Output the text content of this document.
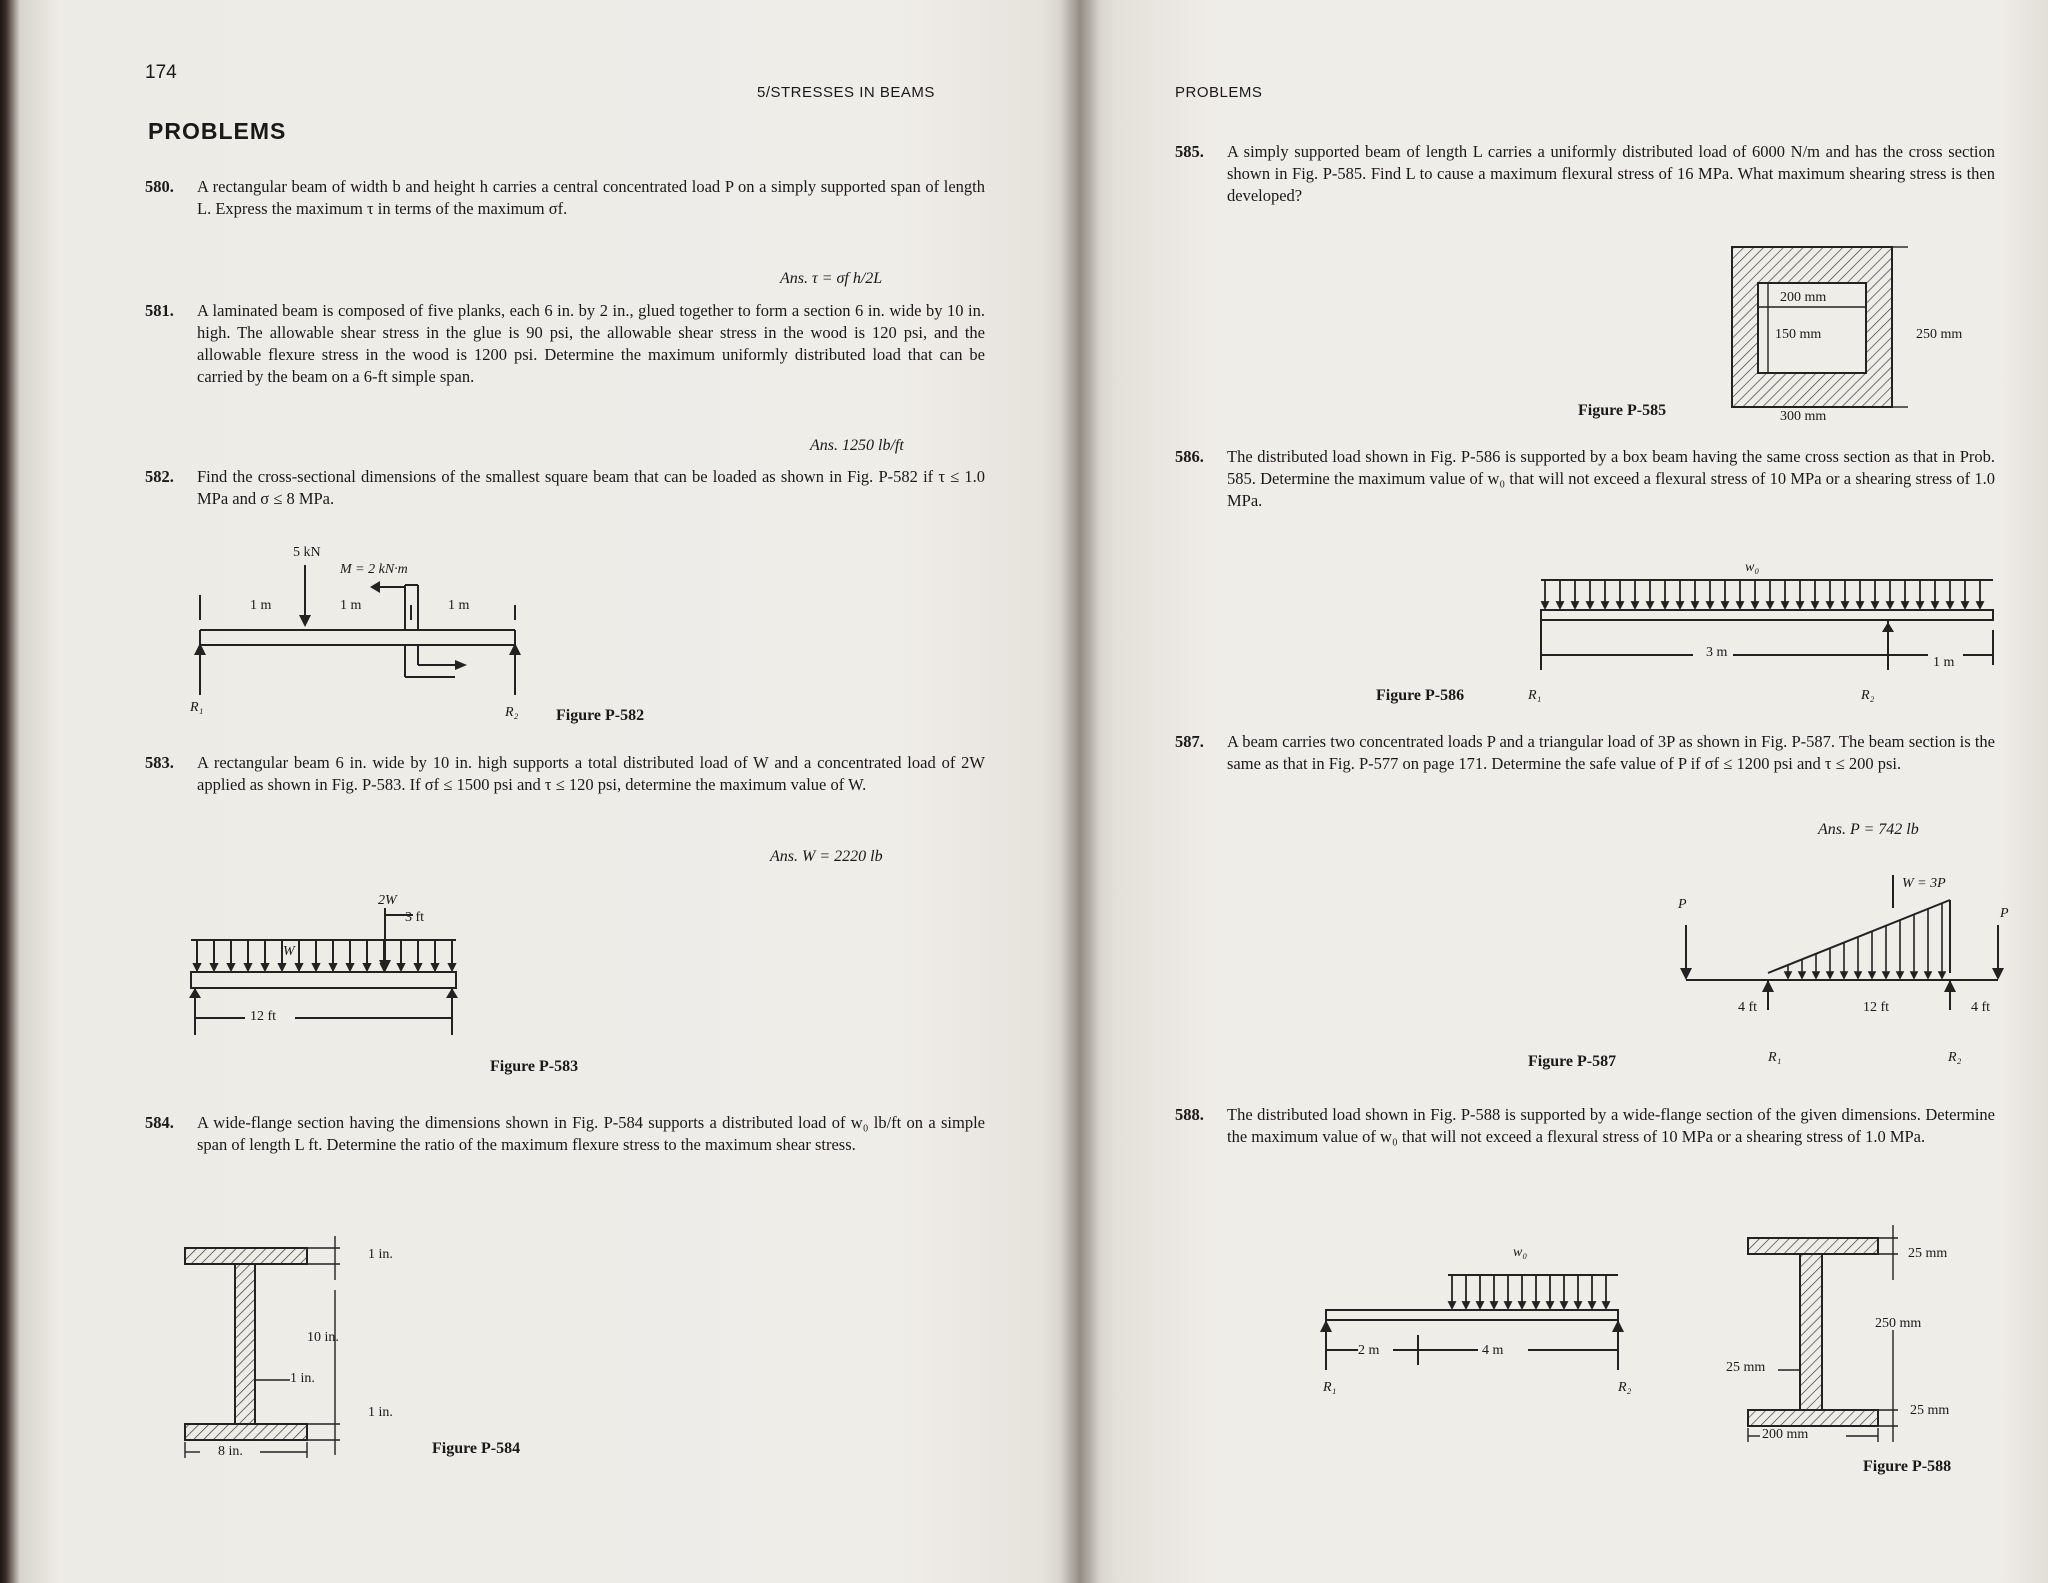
174
5/STRESSES IN BEAMS
PROBLEMS
580.	A rectangular beam of width b and height h carries a central concentrated load P on a simply supported span of length L. Express the maximum τ in terms of the maximum σf.
Ans. τ = σf h/2L
581.	A laminated beam is composed of five planks, each 6 in. by 2 in., glued together to form a section 6 in. wide by 10 in. high. The allowable shear stress in the glue is 90 psi, the allowable shear stress in the wood is 120 psi, and the allowable flexure stress in the wood is 1200 psi. Determine the maximum uniformly distributed load that can be carried by the beam on a 6-ft simple span.
Ans. 1250 lb/ft
582.	Find the cross-sectional dimensions of the smallest square beam that can be loaded as shown in Fig. P-582 if τ ≤ 1.0 MPa and σ ≤ 8 MPa.
5 kN
M = 2 kN·m
1 m	1 m	1 m
R₁	R₂ Figure P-582
583.	A rectangular beam 6 in. wide by 10 in. high supports a total distributed load of W and a concentrated load of 2W applied as shown in Fig. P-583. If σf ≤ 1500 psi and τ ≤ 120 psi, determine the maximum value of W.
Ans. W = 2220 lb
2W
3 ft
W
12 ft
Figure P-583
584.	A wide-flange section having the dimensions shown in Fig. P-584 supports a distributed load of w₀ lb/ft on a simple span of length L ft. Determine the ratio of the maximum flexure stress to the maximum shear stress.
1 in.
10 in.
1 in.
1 in.
8 in.	Figure P-584
PROBLEMS
585.	A simply supported beam of length L carries a uniformly distributed load of 6000 N/m and has the cross section shown in Fig. P-585. Find L to cause a maximum flexural stress of 16 MPa. What maximum shearing stress is then developed?
200 mm
150 mm	250 mm
300 mm
Figure P-585
586.	The distributed load shown in Fig. P-586 is supported by a box beam having the same cross section as that in Prob. 585. Determine the maximum value of w₀ that will not exceed a flexural stress of 10 MPa or a shearing stress of 1.0 MPa.
w₀
3 m
1 m
R₁	R₂
Figure P-586
587.	A beam carries two concentrated loads P and a triangular load of 3P as shown in Fig. P-587. The beam section is the same as that in Fig. P-577 on page 171. Determine the safe value of P if σf ≤ 1200 psi and τ ≤ 200 psi.
Ans. P = 742 lb
P
P
W = 3P
4 ft	12 ft	4 ft
R₁	R₂
Figure P-587
588.	The distributed load shown in Fig. P-588 is supported by a wide-flange section of the given dimensions. Determine the maximum value of w₀ that will not exceed a flexural stress of 10 MPa or a shearing stress of 1.0 MPa.
w₀
2 m	4 m
R₁	R₂
25 mm
250 mm
25 mm
25 mm
200 mm
Figure P-588
